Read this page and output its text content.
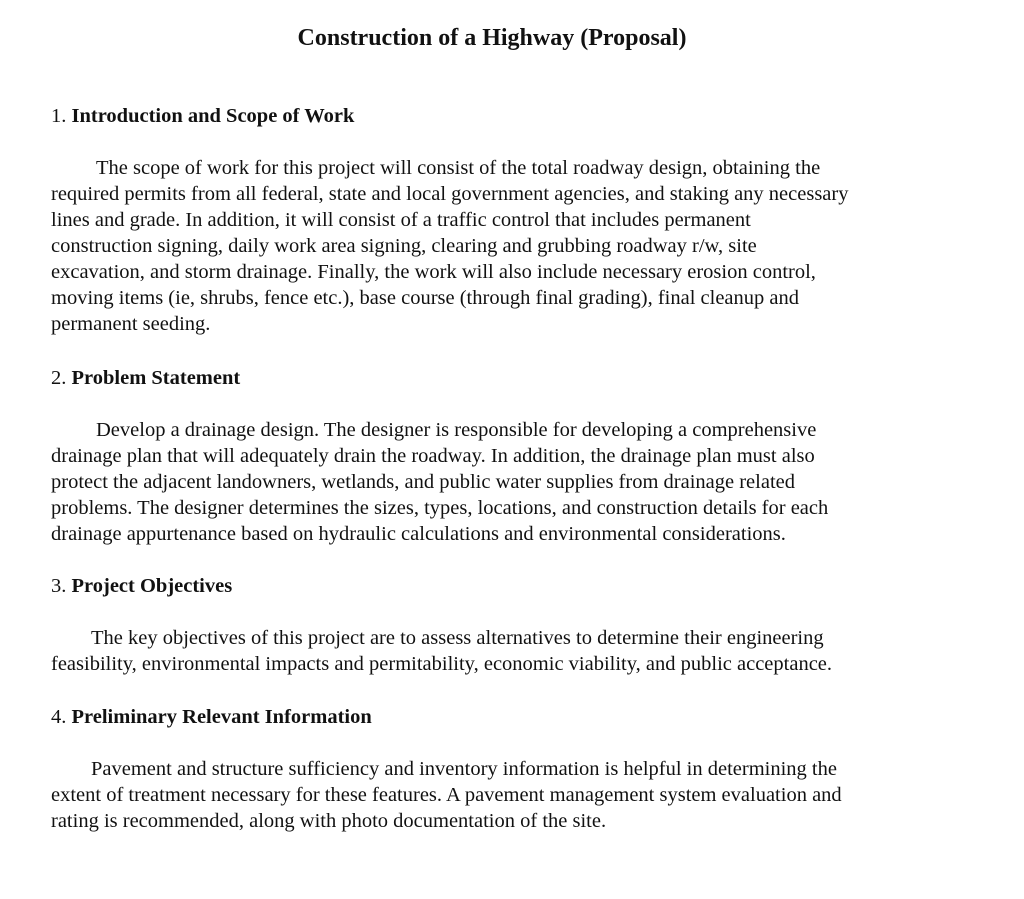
Construction of a Highway (Proposal)
1. Introduction and Scope of Work
The scope of work for this project will consist of the total roadway design, obtaining the
required permits from all federal, state and local government agencies, and staking any necessary
lines and grade. In addition, it will consist of a traffic control that includes permanent
construction signing, daily work area signing, clearing and grubbing roadway r/w, site
excavation, and storm drainage. Finally, the work will also include necessary erosion control,
moving items (ie, shrubs, fence etc.), base course (through final grading), final cleanup and
permanent seeding.
2. Problem Statement
Develop a drainage design. The designer is responsible for developing a comprehensive
drainage plan that will adequately drain the roadway. In addition, the drainage plan must also
protect the adjacent landowners, wetlands, and public water supplies from drainage related
problems. The designer determines the sizes, types, locations, and construction details for each
drainage appurtenance based on hydraulic calculations and environmental considerations.
3. Project Objectives
The key objectives of this project are to assess alternatives to determine their engineering
feasibility, environmental impacts and permitability, economic viability, and public acceptance.
4. Preliminary Relevant Information
Pavement and structure sufficiency and inventory information is helpful in determining the
extent of treatment necessary for these features. A pavement management system evaluation and
rating is recommended, along with photo documentation of the site.
